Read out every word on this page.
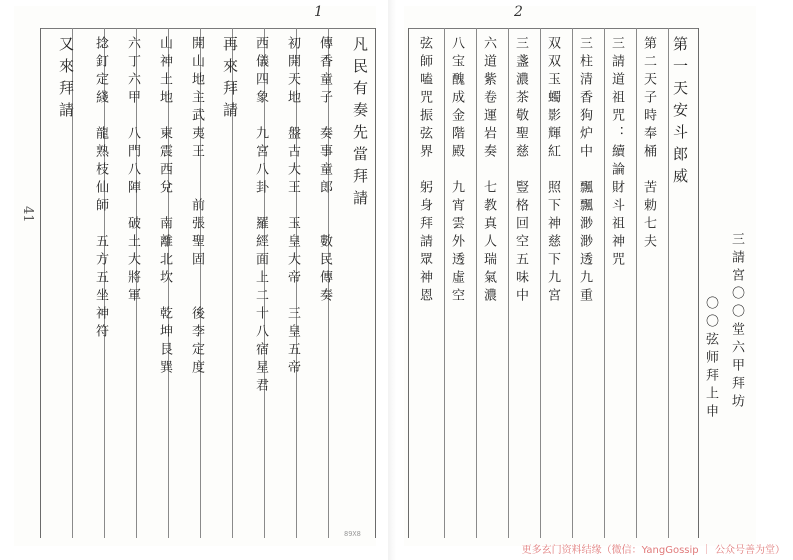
1
41
凡民有奏先當拜請
傳香童子　奏事童郎　　數民傳奏
初開天地　盤古大王　玉皇大帝　三皇五帝
西儀四象　九宮八卦　羅經面上二十八宿星君
再來拜請
開山地主武夷王　　前張聖固　　後李定度
山神土地　東震西兌　南離北坎　乾坤艮巽
六丁六甲　八門八陣　破土大將軍
捻釘定綫　龍熟枝仙師　五方五坐神符
又來拜請
2
第一天安斗郎威
第二天子時奉桶　苦勅七夫
三請道祖咒：續論財斗祖神咒
三柱清香狗炉中　飄飄渺渺透九重
双双玉蠋影輝紅　照下神慈下九宮
三盞濃茶敬聖慈　豎格回空五味中
六道紫卷運岩奏　七教真人瑞氣濃
八宝醜成金階殿　九宵雲外透虛空
弦師嗑咒振弦界　躬身拜請眾神恩
三請宮〇〇堂六甲拜坊
〇〇弦师拜上申
89X8
更多玄门资料结缘（微信：YangGossip ｜ 公众号善为堂）
